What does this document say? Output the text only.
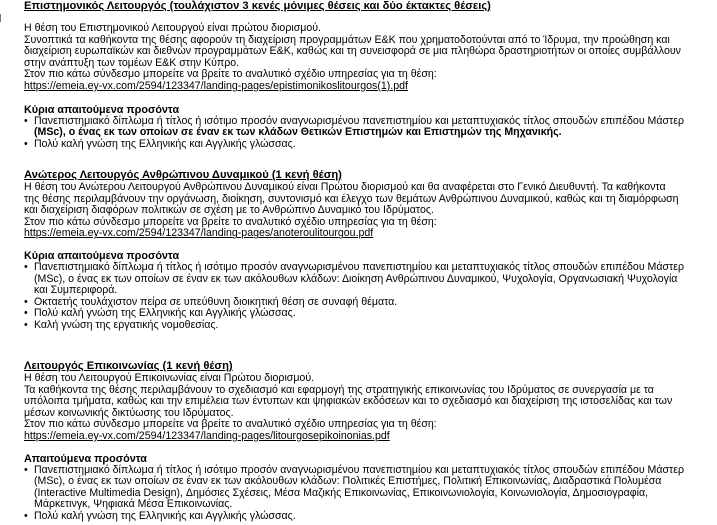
Επιστημονικός Λειτουργός (τουλάχιστον 3 κενές μόνιμες θέσεις και δύο έκτακτες θέσεις)
Η θέση του Επιστημονικού Λειτουργού είναι πρώτου διορισμού.
Συνοπτικά τα καθήκοντα της θέσης αφορούν τη διαχείριση προγραμμάτων Ε&Κ που χρηματοδοτούνται από το Ίδρυμα, την προώθηση και
διαχείριση ευρωπαϊκών και διεθνών προγραμμάτων Ε&Κ, καθώς και τη συνεισφορά σε μια πληθώρα δραστηριοτήτων οι οποίες συμβάλλουν
στην ανάπτυξη των τομέων Ε&Κ στην Κύπρο.
Στον πιο κάτω σύνδεσμο μπορείτε να βρείτε το αναλυτικό σχέδιο υπηρεσίας για τη θέση:
https://emeia.ey-vx.com/2594/123347/landing-pages/epistimonikoslitourgos(1).pdf
Κύρια απαιτούμενα προσόντα
• Πανεπιστημιακό δίπλωμα ή τίτλος ή ισότιμο προσόν αναγνωρισμένου πανεπιστημίου και μεταπτυχιακός τίτλος σπουδών επιπέδου Μάστερ
(MSc), ο ένας εκ των οποίων σε έναν εκ των κλάδων Θετικών Επιστημών και Επιστημών της Μηχανικής.
• Πολύ καλή γνώση της Ελληνικής και Αγγλικής γλώσσας.
Ανώτερος Λειτουργός Ανθρώπινου Δυναμικού (1 κενή θέση)
Η θέση του Ανώτερου Λειτουργού Ανθρώπινου Δυναμικού είναι Πρώτου διορισμού και θα αναφέρεται στο Γενικό Διευθυντή. Τα καθήκοντα
της θέσης περιλαμβάνουν την οργάνωση, διοίκηση, συντονισμό και έλεγχο των θεμάτων Ανθρώπινου Δυναμικού, καθώς και τη διαμόρφωση
και διαχείριση διαφόρων πολιτικών σε σχέση με το Ανθρώπινο Δυναμικό του Ιδρύματος.
Στον πιο κάτω σύνδεσμο μπορείτε να βρείτε το αναλυτικό σχέδιο υπηρεσίας για τη θέση:
https://emeia.ey-vx.com/2594/123347/landing-pages/anoteroulitourgou.pdf
Κύρια απαιτούμενα προσόντα
• Πανεπιστημιακό δίπλωμα ή τίτλος ή ισότιμο προσόν αναγνωρισμένου πανεπιστημίου και μεταπτυχιακός τίτλος σπουδών επιπέδου Μάστερ
(MSc), ο ένας εκ των οποίων σε έναν εκ των ακόλουθων κλάδων: Διοίκηση Ανθρώπινου Δυναμικού, Ψυχολογία, Οργανωσιακή Ψυχολογία
και Συμπεριφορά.
• Οκταετής τουλάχιστον πείρα σε υπεύθυνη διοικητική θέση σε συναφή θέματα.
• Πολύ καλή γνώση της Ελληνικής και Αγγλικής γλώσσας.
• Καλή γνώση της εργατικής νομοθεσίας.
Λειτουργός Επικοινωνίας (1 κενή θέση)
Η θέση του Λειτουργού Επικοινωνίας είναι Πρώτου διορισμού.
Τα καθήκοντα της θέσης περιλαμβάνουν το σχεδιασμό και εφαρμογή της στρατηγικής επικοινωνίας του Ιδρύματος σε συνεργασία με τα
υπόλοιπα τμήματα, καθώς και την επιμέλεια των έντυπων και ψηφιακών εκδόσεων και το σχεδιασμό και διαχείριση της ιστοσελίδας και των
μέσων κοινωνικής δικτύωσης του Ιδρύματος.
Στον πιο κάτω σύνδεσμο μπορείτε να βρείτε το αναλυτικό σχέδιο υπηρεσίας για τη θέση:
https://emeia.ey-vx.com/2594/123347/landing-pages/litourgosepikoinonias.pdf
Απαιτούμενα προσόντα
• Πανεπιστημιακό δίπλωμα ή τίτλος ή ισότιμο προσόν αναγνωρισμένου πανεπιστημίου και μεταπτυχιακός τίτλος σπουδών επιπέδου Μάστερ
(MSc), ο ένας εκ των οποίων σε έναν εκ των ακόλουθων κλάδων: Πολιτικές Επιστήμες, Πολιτική Επικοινωνίας, Διαδραστικά Πολυμέσα
(Interactive Multimedia Design), Δημόσιες Σχέσεις, Μέσα Μαζικής Επικοινωνίας, Επικοινωνιολογία, Κοινωνιολογία, Δημοσιογραφία,
Μάρκετινγκ, Ψηφιακά Μέσα Επικοινωνίας.
• Πολύ καλή γνώση της Ελληνικής και Αγγλικής γλώσσας.
